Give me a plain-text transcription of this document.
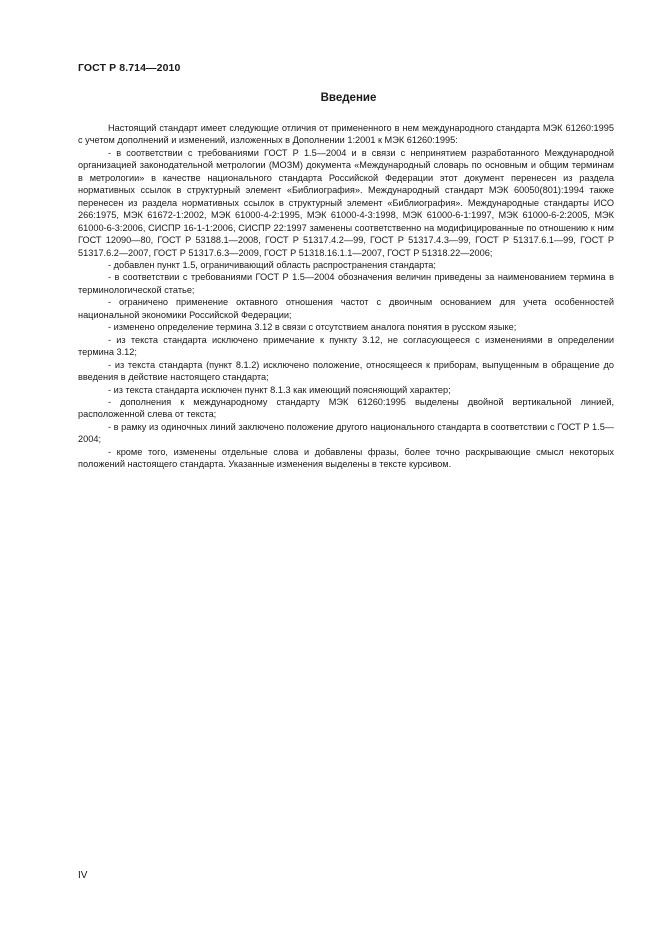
ГОСТ Р 8.714—2010
Введение

Настоящий стандарт имеет следующие отличия от примененного в нем международного стандарта МЭК 61260:1995 с учетом дополнений и изменений, изложенных в Дополнении 1:2001 к МЭК 61260:1995:

- в соответствии с требованиями ГОСТ Р 1.5—2004 и в связи с непринятием разработанного Международной организацией законодательной метрологии (МОЗМ) документа «Международный словарь по основным и общим терминам в метрологии» в качестве национального стандарта Российской Федерации этот документ перенесен из раздела нормативных ссылок в структурный элемент «Библиография». Международный стандарт МЭК 60050(801):1994 также перенесен из раздела нормативных ссылок в структурный элемент «Библиография». Международные стандарты ИСО 266:1975, МЭК 61672-1:2002, МЭК 61000-4-2:1995, МЭК 61000-4-3:1998, МЭК 61000-6-1:1997, МЭК 61000-6-2:2005, МЭК 61000-6-3:2006, СИСПР 16-1-1:2006, СИСПР 22:1997 заменены соответственно на модифицированные по отношению к ним ГОСТ 12090—80, ГОСТ Р 53188.1—2008, ГОСТ Р 51317.4.2—99, ГОСТ Р 51317.4.3—99, ГОСТ Р 51317.6.1—99, ГОСТ Р 51317.6.2—2007, ГОСТ Р 51317.6.3—2009, ГОСТ Р 51318.16.1.1—2007, ГОСТ Р 51318.22—2006;

- добавлен пункт 1.5, ограничивающий область распространения стандарта;

- в соответствии с требованиями ГОСТ Р 1.5—2004 обозначения величин приведены за наименованием термина в терминологической статье;

- ограничено применение октавного отношения частот с двоичным основанием для учета особенностей национальной экономики Российской Федерации;

- изменено определение термина 3.12 в связи с отсутствием аналога понятия в русском языке;

- из текста стандарта исключено примечание к пункту 3.12, не согласующееся с изменениями в определении термина 3.12;

- из текста стандарта (пункт 8.1.2) исключено положение, относящееся к приборам, выпущенным в обращение до введения в действие настоящего стандарта;

- из текста стандарта исключен пункт 8.1.3 как имеющий поясняющий характер;

- дополнения к международному стандарту МЭК 61260:1995 выделены двойной вертикальной линией, расположенной слева от текста;

- в рамку из одиночных линий заключено положение другого национального стандарта в соответствии с ГОСТ Р 1.5—2004;

- кроме того, изменены отдельные слова и добавлены фразы, более точно раскрывающие смысл некоторых положений настоящего стандарта. Указанные изменения выделены в тексте курсивом.

IV
